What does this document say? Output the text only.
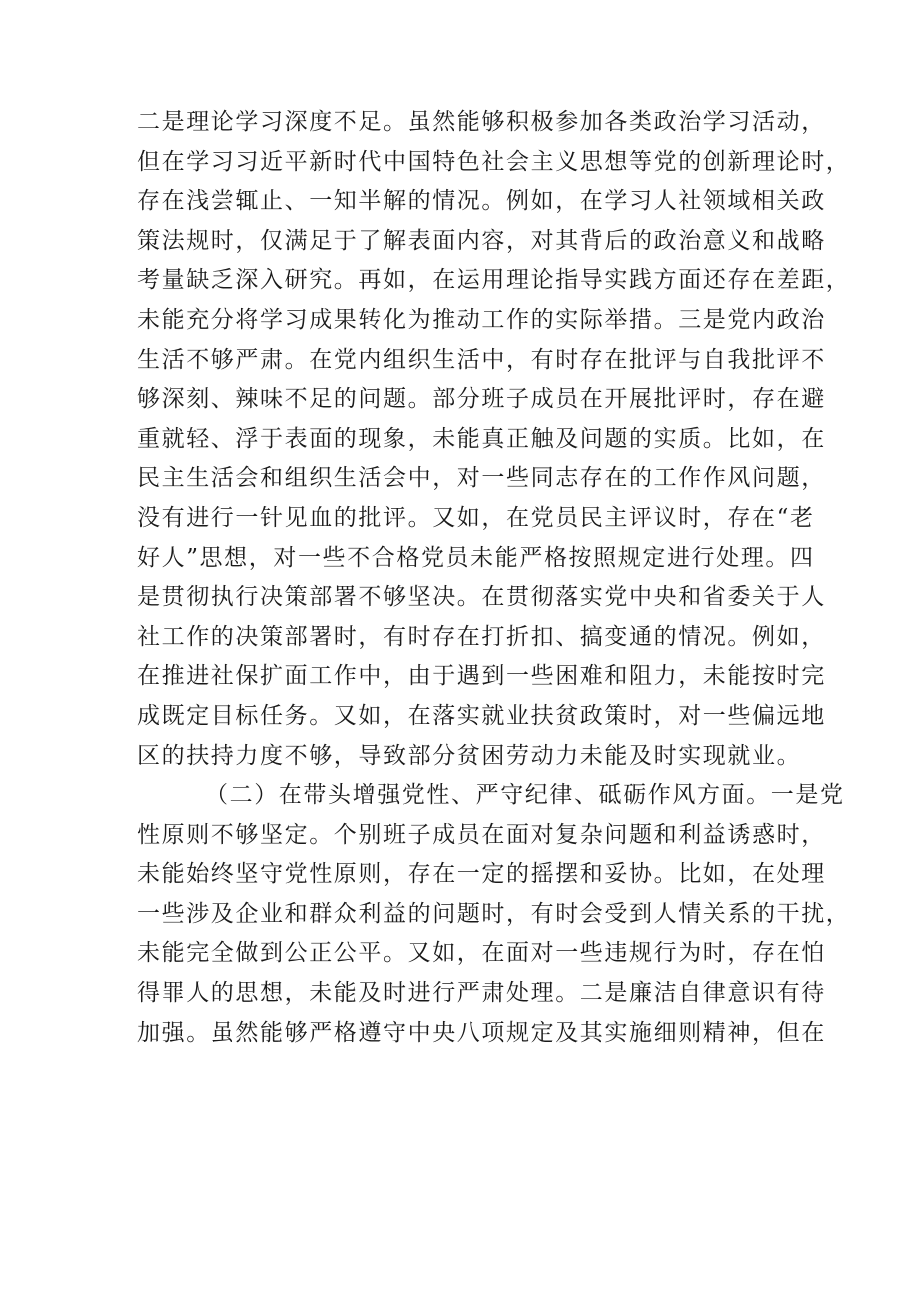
二是理论学习深度不足。虽然能够积极参加各类政治学习活动，
但在学习习近平新时代中国特色社会主义思想等党的创新理论时，
存在浅尝辄止、一知半解的情况。例如，在学习人社领域相关政
策法规时，仅满足于了解表面内容，对其背后的政治意义和战略
考量缺乏深入研究。再如，在运用理论指导实践方面还存在差距，
未能充分将学习成果转化为推动工作的实际举措。三是党内政治
生活不够严肃。在党内组织生活中，有时存在批评与自我批评不
够深刻、辣味不足的问题。部分班子成员在开展批评时，存在避
重就轻、浮于表面的现象，未能真正触及问题的实质。比如，在
民主生活会和组织生活会中，对一些同志存在的工作作风问题，
没有进行一针见血的批评。又如，在党员民主评议时，存在“老
好人”思想，对一些不合格党员未能严格按照规定进行处理。四
是贯彻执行决策部署不够坚决。在贯彻落实党中央和省委关于人
社工作的决策部署时，有时存在打折扣、搞变通的情况。例如，
在推进社保扩面工作中，由于遇到一些困难和阻力，未能按时完
成既定目标任务。又如，在落实就业扶贫政策时，对一些偏远地
区的扶持力度不够，导致部分贫困劳动力未能及时实现就业。
（二）在带头增强党性、严守纪律、砥砺作风方面。一是党
性原则不够坚定。个别班子成员在面对复杂问题和利益诱惑时，
未能始终坚守党性原则，存在一定的摇摆和妥协。比如，在处理
一些涉及企业和群众利益的问题时，有时会受到人情关系的干扰，
未能完全做到公正公平。又如，在面对一些违规行为时，存在怕
得罪人的思想，未能及时进行严肃处理。二是廉洁自律意识有待
加强。虽然能够严格遵守中央八项规定及其实施细则精神，但在
